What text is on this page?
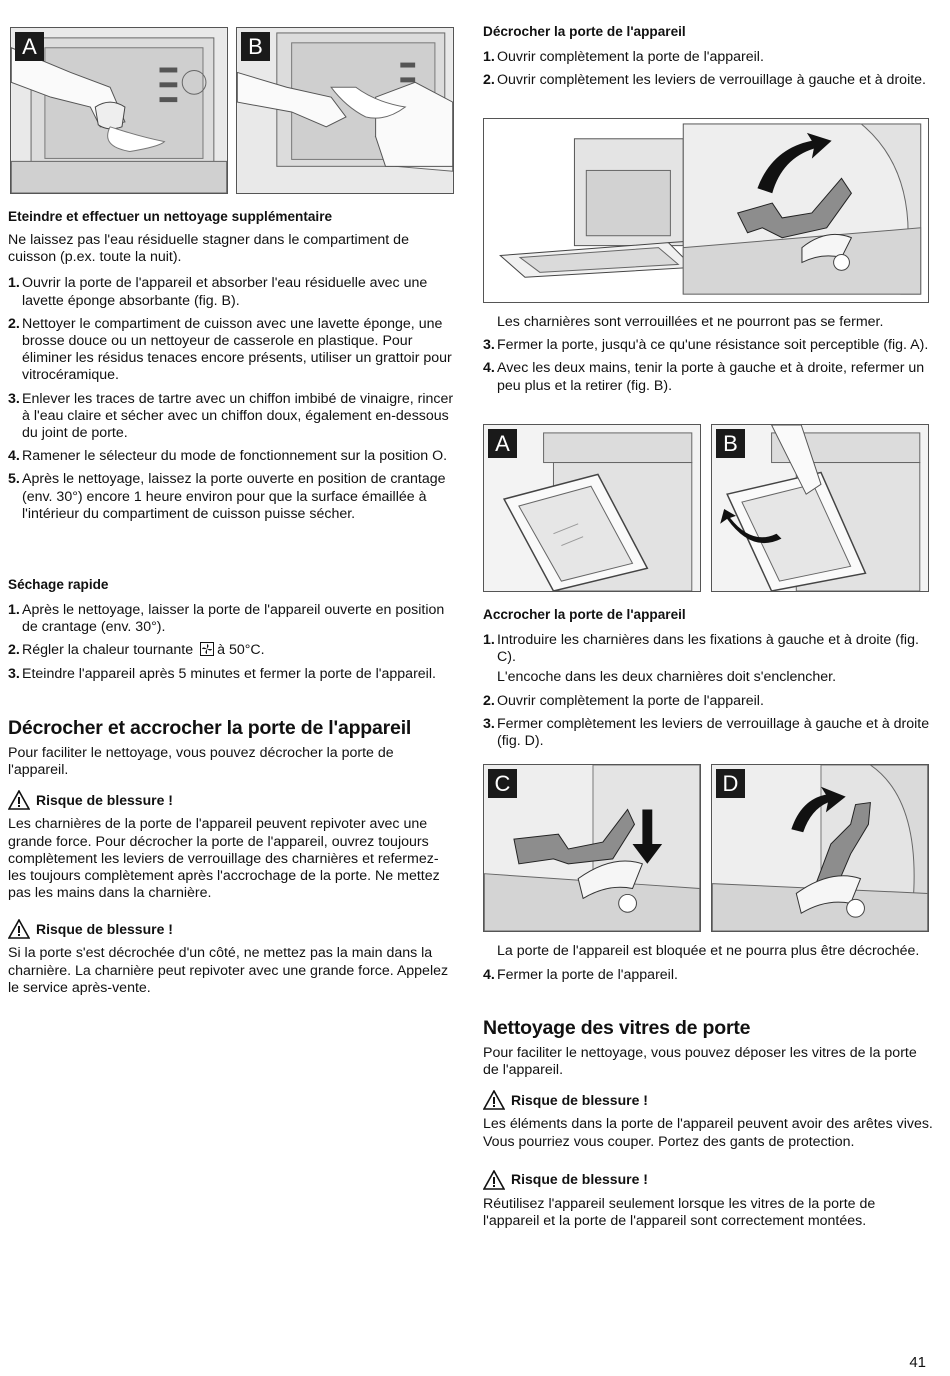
A	B
Eteindre et effectuer un nettoyage supplémentaire

Ne laissez pas l'eau résiduelle stagner dans le compartiment de cuisson (p.ex. toute la nuit).

1. Ouvrir la porte de l'appareil et absorber l'eau résiduelle avec une lavette éponge absorbante (fig. B).
2. Nettoyer le compartiment de cuisson avec une lavette éponge, une brosse douce ou un nettoyeur de casserole en plastique. Pour éliminer les résidus tenaces encore présents, utiliser un grattoir pour vitrocéramique.
3. Enlever les traces de tartre avec un chiffon imbibé de vinaigre, rincer à l'eau claire et sécher avec un chiffon doux, également en-dessous du joint de porte.
4. Ramener le sélecteur du mode de fonctionnement sur la position O.
5. Après le nettoyage, laissez la porte ouverte en position de crantage (env. 30°) encore 1 heure environ pour que la surface émaillée à l'intérieur du compartiment de cuisson puisse sécher.
Séchage rapide
1. Après le nettoyage, laisser la porte de l'appareil ouverte en position de crantage (env. 30°).
2. Régler la chaleur tournante à 50°C.
3. Eteindre l'appareil après 5 minutes et fermer la porte de l'appareil.
Décrocher et accrocher la porte de l'appareil

Pour faciliter le nettoyage, vous pouvez décrocher la porte de l'appareil.

Risque de blessure !

Les charnières de la porte de l'appareil peuvent repivoter avec une grande force. Pour décrocher la porte de l'appareil, ouvrez toujours complètement les leviers de verrouillage des charnières et refermez-les toujours complètement après l'accrochage de la porte. Ne mettez pas les mains dans la charnière.

Risque de blessure !

Si la porte s'est décrochée d'un côté, ne mettez pas la main dans la charnière. La charnière peut repivoter avec une grande force. Appelez le service après-vente.

Décrocher la porte de l'appareil
1. Ouvrir complètement la porte de l'appareil.
2. Ouvrir complètement les leviers de verrouillage à gauche et à droite.

Les charnières sont verrouillées et ne pourront pas se fermer.

3. Fermer la porte, jusqu'à ce qu'une résistance soit perceptible (fig. A).
4. Avec les deux mains, tenir la porte à gauche et à droite, refermer un peu plus et la retirer (fig. B).
A	B
Accrocher la porte de l'appareil
1. Introduire les charnières dans les fixations à gauche et à droite (fig. C).

L'encoche dans les deux charnières doit s'enclencher.

2. Ouvrir complètement la porte de l'appareil.
3. Fermer complètement les leviers de verrouillage à gauche et à droite (fig. D).
C	D

La porte de l'appareil est bloquée et ne pourra plus être décrochée.

4. Fermer la porte de l'appareil.
Nettoyage des vitres de porte

Pour faciliter le nettoyage, vous pouvez déposer les vitres de la porte de l'appareil.

Risque de blessure !

Les éléments dans la porte de l'appareil peuvent avoir des arêtes vives. Vous pourriez vous couper. Portez des gants de protection.

Risque de blessure !

Réutilisez l'appareil seulement lorsque les vitres de la porte de l'appareil et la porte de l'appareil sont correctement montées.

41
